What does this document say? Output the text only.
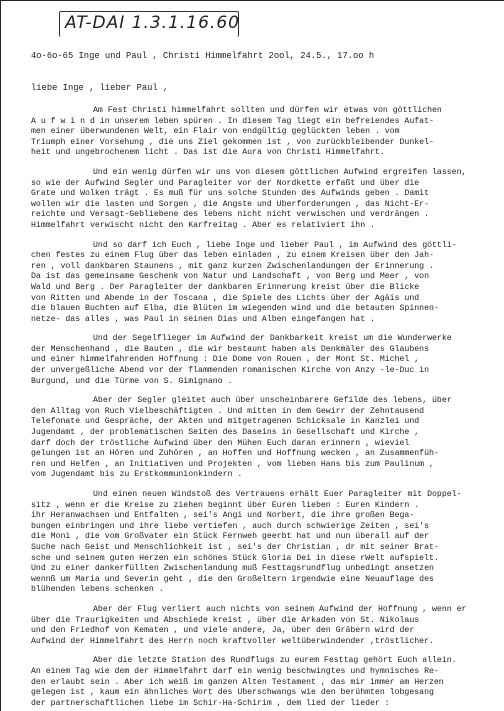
AT-DAI 1.3.1.16.60
4o-6o-65 Inge und Paul , Christi Himmelfahrt 2ool, 24.5., 17.oo h
liebe Inge , lieber Paul ,
Am Fest Christi himmelfahrt sollten und dürfen wir etwas von göttlichen
A u f w i n d in unserem leben spüren . In diesem Tag liegt ein befreiendes Aufat-
men einer überwundenen Welt, ein Flair von endgültig geglückten leben . vom
Triumph einer Vorsehung , die uns Ziel gekommen ist , von zurückbleibender Dunkel-
heit und ungebrochenem licht . Das ist die Aura von Christi Himmelfahrt.
Und ein wenig dürfen wir uns von diesem göttlichen Aufwind ergreifen lassen,
so wie der Aufwind Segler und Paragleiter vor der Nordkette erfaßt und über die
Grate und Wolken trägt . Es muß für uns solche Stunden des Aufwinds geben . Damit
wollen wir die lasten und Sorgen , die Ängste und Überforderungen , das Nicht-Er-
reichte und Versagt-Gebliebene des lebens nicht nicht verwischen und verdrängen .
Himmelfahrt verwischt nicht den Karfreitag . Aber es relativiert ihn .
Und so darf ich Euch , liebe Inge und lieber Paul , im Aufwind des göttli-
chen festes zu einem Flug über das leben einladen , zu einem Kreisen über den Jah-
ren , voll dankbaren Staunens , mit ganz kurzen Zwischenlandungen der Erinnerung .
Da ist das gemeinsame Geschenk von Natur und Landschaft , von Berg und Meer , von
Wald und Berg . Der Paragleiter der dankbaren Erinnerung kreist über die Blicke
von Ritten und Abende in der Toscana , die Spiele des Lichts über der Ägäis und
die blauen Buchten auf Elba, die Blüten im wiegenden wind und die betauten Spinnen-
netze- das alles , was Paul in seinen Dias und Alben eingefangen hat .
Und der Segelflieger im Aufwind der Dankbarkeit kreist um die Wunderwerke
der Menschenhand , die Bauten , die wir bestaunt haben als Denkmäler des Glaubens
und einer himmelfahrenden Hoffnung : Die Dome von Rouen , der Mont St. Michel ,
der unvergeßliche Abend vor der flammenden romanischen Kirche von Anzy -le-Duc in
Burgund, und die Türme von S. Gimignano .
Aber der Segler gleitet auch über unscheinbarere Gefilde des lebens, über
den Alltag von Ruch Vielbeschäftigten . Und mitten in dem Gewirr der Zehntausend
Telefonate und Gespräche, der Akten und mitgetragenen Schicksale in Kanzlei und
Jugendamt , der problematischen Seiten des Daseins in Gesellschaft und Kirche ,
darf doch der tröstliche Aufwind über den Mühen Euch daran erinnern , wieviel
gelungen ist an Hören und Zuhören , an Hoffen und Hoffnung wecken , an Zusammenfüh-
ren und Helfen , an Initiativen und Projekten , vom lieben Hans bis zum Paulinum ,
vom Jugendamt bis zu Erstkommunionkindern .
Und einen neuen Windstoß des Vertrauens erhält Euer Paragleiter mit Doppel-
sitz , wenn er die Kreise zu ziehen beginnt über Euren lieben : Euren Kindern .
ihr Heranwachsen und Entfalten , sei's Angi und Norbert, die ihre großen Bega-
bungen einbringen und ihre liebe vertiefen , auch durch schwierige Zeiten , sei's
die Moni , die vom Großvater ein Stück Fernweh geerbt hat und nun überall auf der
Suche nach Geist und Menschlichkeit ist , sei's der Christian , dr mit seiner Brat-
sche und seinem guten Herzen ein schönes Stück Gloria Dei in diese rWelt aufspielt.
Und zu einer dankerfüllten Zwischenlandung muß Festtagsrundflug unbedingt ansetzen
wennß um Maria und Severin geht , die den Großeltern irgendwie eine Neuauflage des
blühenden lebens schenken .
Aber der Flug verliert auch nichts von seinem Aufwind der Hoffnung , wenn er
über die Traurigkeiten und Abschiede kreist , über die Arkaden von St. Nikolaus
und den Friedhof von Kematen , und viele andere, Ja, über den Gräbern wird der
Aufwind der Himmelfahrt des Herrn noch kraftvoller weltüberwindender ,tröstlicher.
Aber die letzte Station des Rundflugs zu eurem Festtag gehört Euch allein.
An einem Tag wie dem der Himmelfahrt darf ein wenig beschwingtes und hymnisches Re-
den erlaubt sein . Aber ich weiß im ganzen Alten Testament , das mir immer am Herzen
gelegen ist , kaum ein ähnliches Wort des Überschwangs wie den berühmten lobgesang
der partnerschaftlichen liebe im Schir-Ha-Schirim , dem lied der lieder :
